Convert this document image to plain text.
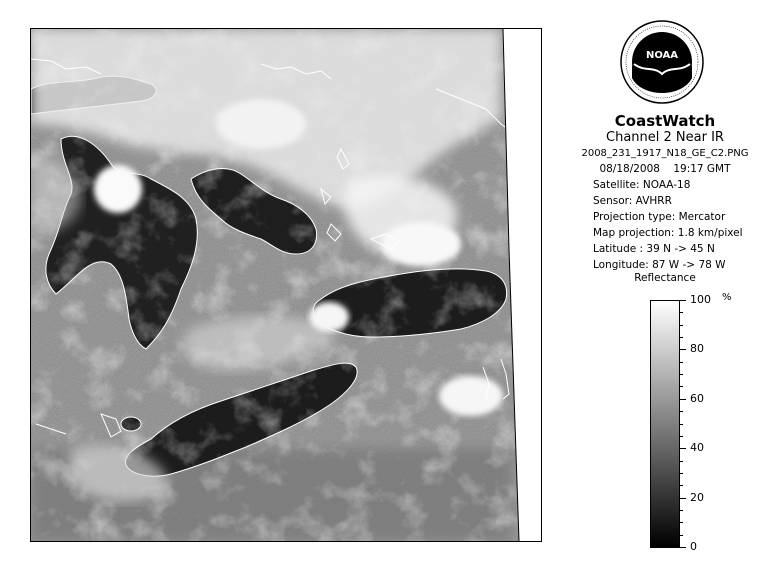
NOAA
CoastWatch
Channel 2 Near IR
2008_231_1917_N18_GE_C2.PNG
08/18/2008 19:17 GMT
Satellite: NOAA-18
Sensor: AVHRR
Projection type: Mercator
Map projection: 1.8 km/pixel
Latitude : 39 N -> 45 N
Longitude: 87 W -> 78 W
Reflectance
%
0
20
40
60
80
100
